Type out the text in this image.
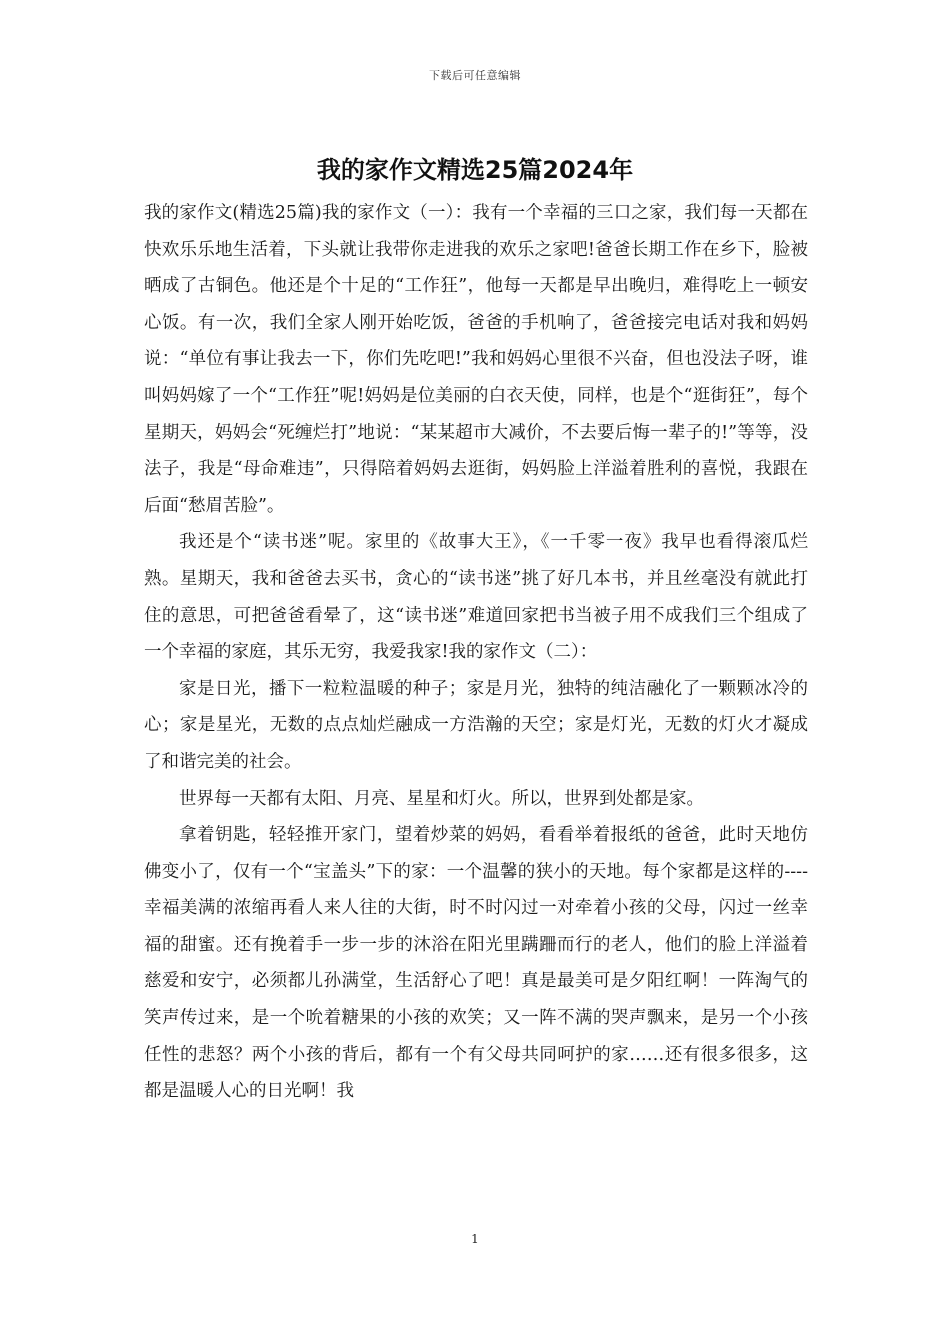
下载后可任意编辑
我的家作文精选25篇2024年

我的家作文(精选25篇)我的家作文（一）：我有一个幸福的三口之家，我们每一天都在快欢乐乐地生活着，下头就让我带你走进我的欢乐之家吧!爸爸长期工作在乡下，脸被晒成了古铜色。他还是个十足的“工作狂”，他每一天都是早出晚归，难得吃上一顿安心饭。有一次，我们全家人刚开始吃饭，爸爸的手机响了，爸爸接完电话对我和妈妈说：“单位有事让我去一下，你们先吃吧!”我和妈妈心里很不兴奋，但也没法子呀，谁叫妈妈嫁了一个“工作狂”呢!妈妈是位美丽的白衣天使，同样，也是个“逛街狂”，每个星期天，妈妈会“死缠烂打”地说：“某某超市大减价，不去要后悔一辈子的!”等等，没法子，我是“母命难违”，只得陪着妈妈去逛街，妈妈脸上洋溢着胜利的喜悦，我跟在后面“愁眉苦脸”。

我还是个“读书迷”呢。家里的《故事大王》，《一千零一夜》我早也看得滚瓜烂熟。星期天，我和爸爸去买书，贪心的“读书迷”挑了好几本书，并且丝毫没有就此打住的意思，可把爸爸看晕了，这“读书迷”难道回家把书当被子用不成我们三个组成了一个幸福的家庭，其乐无穷，我爱我家!我的家作文（二）：

家是日光，播下一粒粒温暖的种子；家是月光，独特的纯洁融化了一颗颗冰冷的心；家是星光，无数的点点灿烂融成一方浩瀚的天空；家是灯光，无数的灯火才凝成了和谐完美的社会。

世界每一天都有太阳、月亮、星星和灯火。所以，世界到处都是家。

拿着钥匙，轻轻推开家门，望着炒菜的妈妈，看看举着报纸的爸爸，此时天地仿佛变小了，仅有一个“宝盖头”下的家：一个温馨的狭小的天地。每个家都是这样的----幸福美满的浓缩再看人来人往的大街，时不时闪过一对牵着小孩的父母，闪过一丝幸福的甜蜜。还有挽着手一步一步的沐浴在阳光里蹒跚而行的老人，他们的脸上洋溢着慈爱和安宁，必须都儿孙满堂，生活舒心了吧！真是最美可是夕阳红啊！一阵淘气的笑声传过来，是一个吮着糖果的小孩的欢笑；又一阵不满的哭声飘来，是另一个小孩任性的悲怒？两个小孩的背后，都有一个有父母共同呵护的家……还有很多很多，这都是温暖人心的日光啊！我

1
